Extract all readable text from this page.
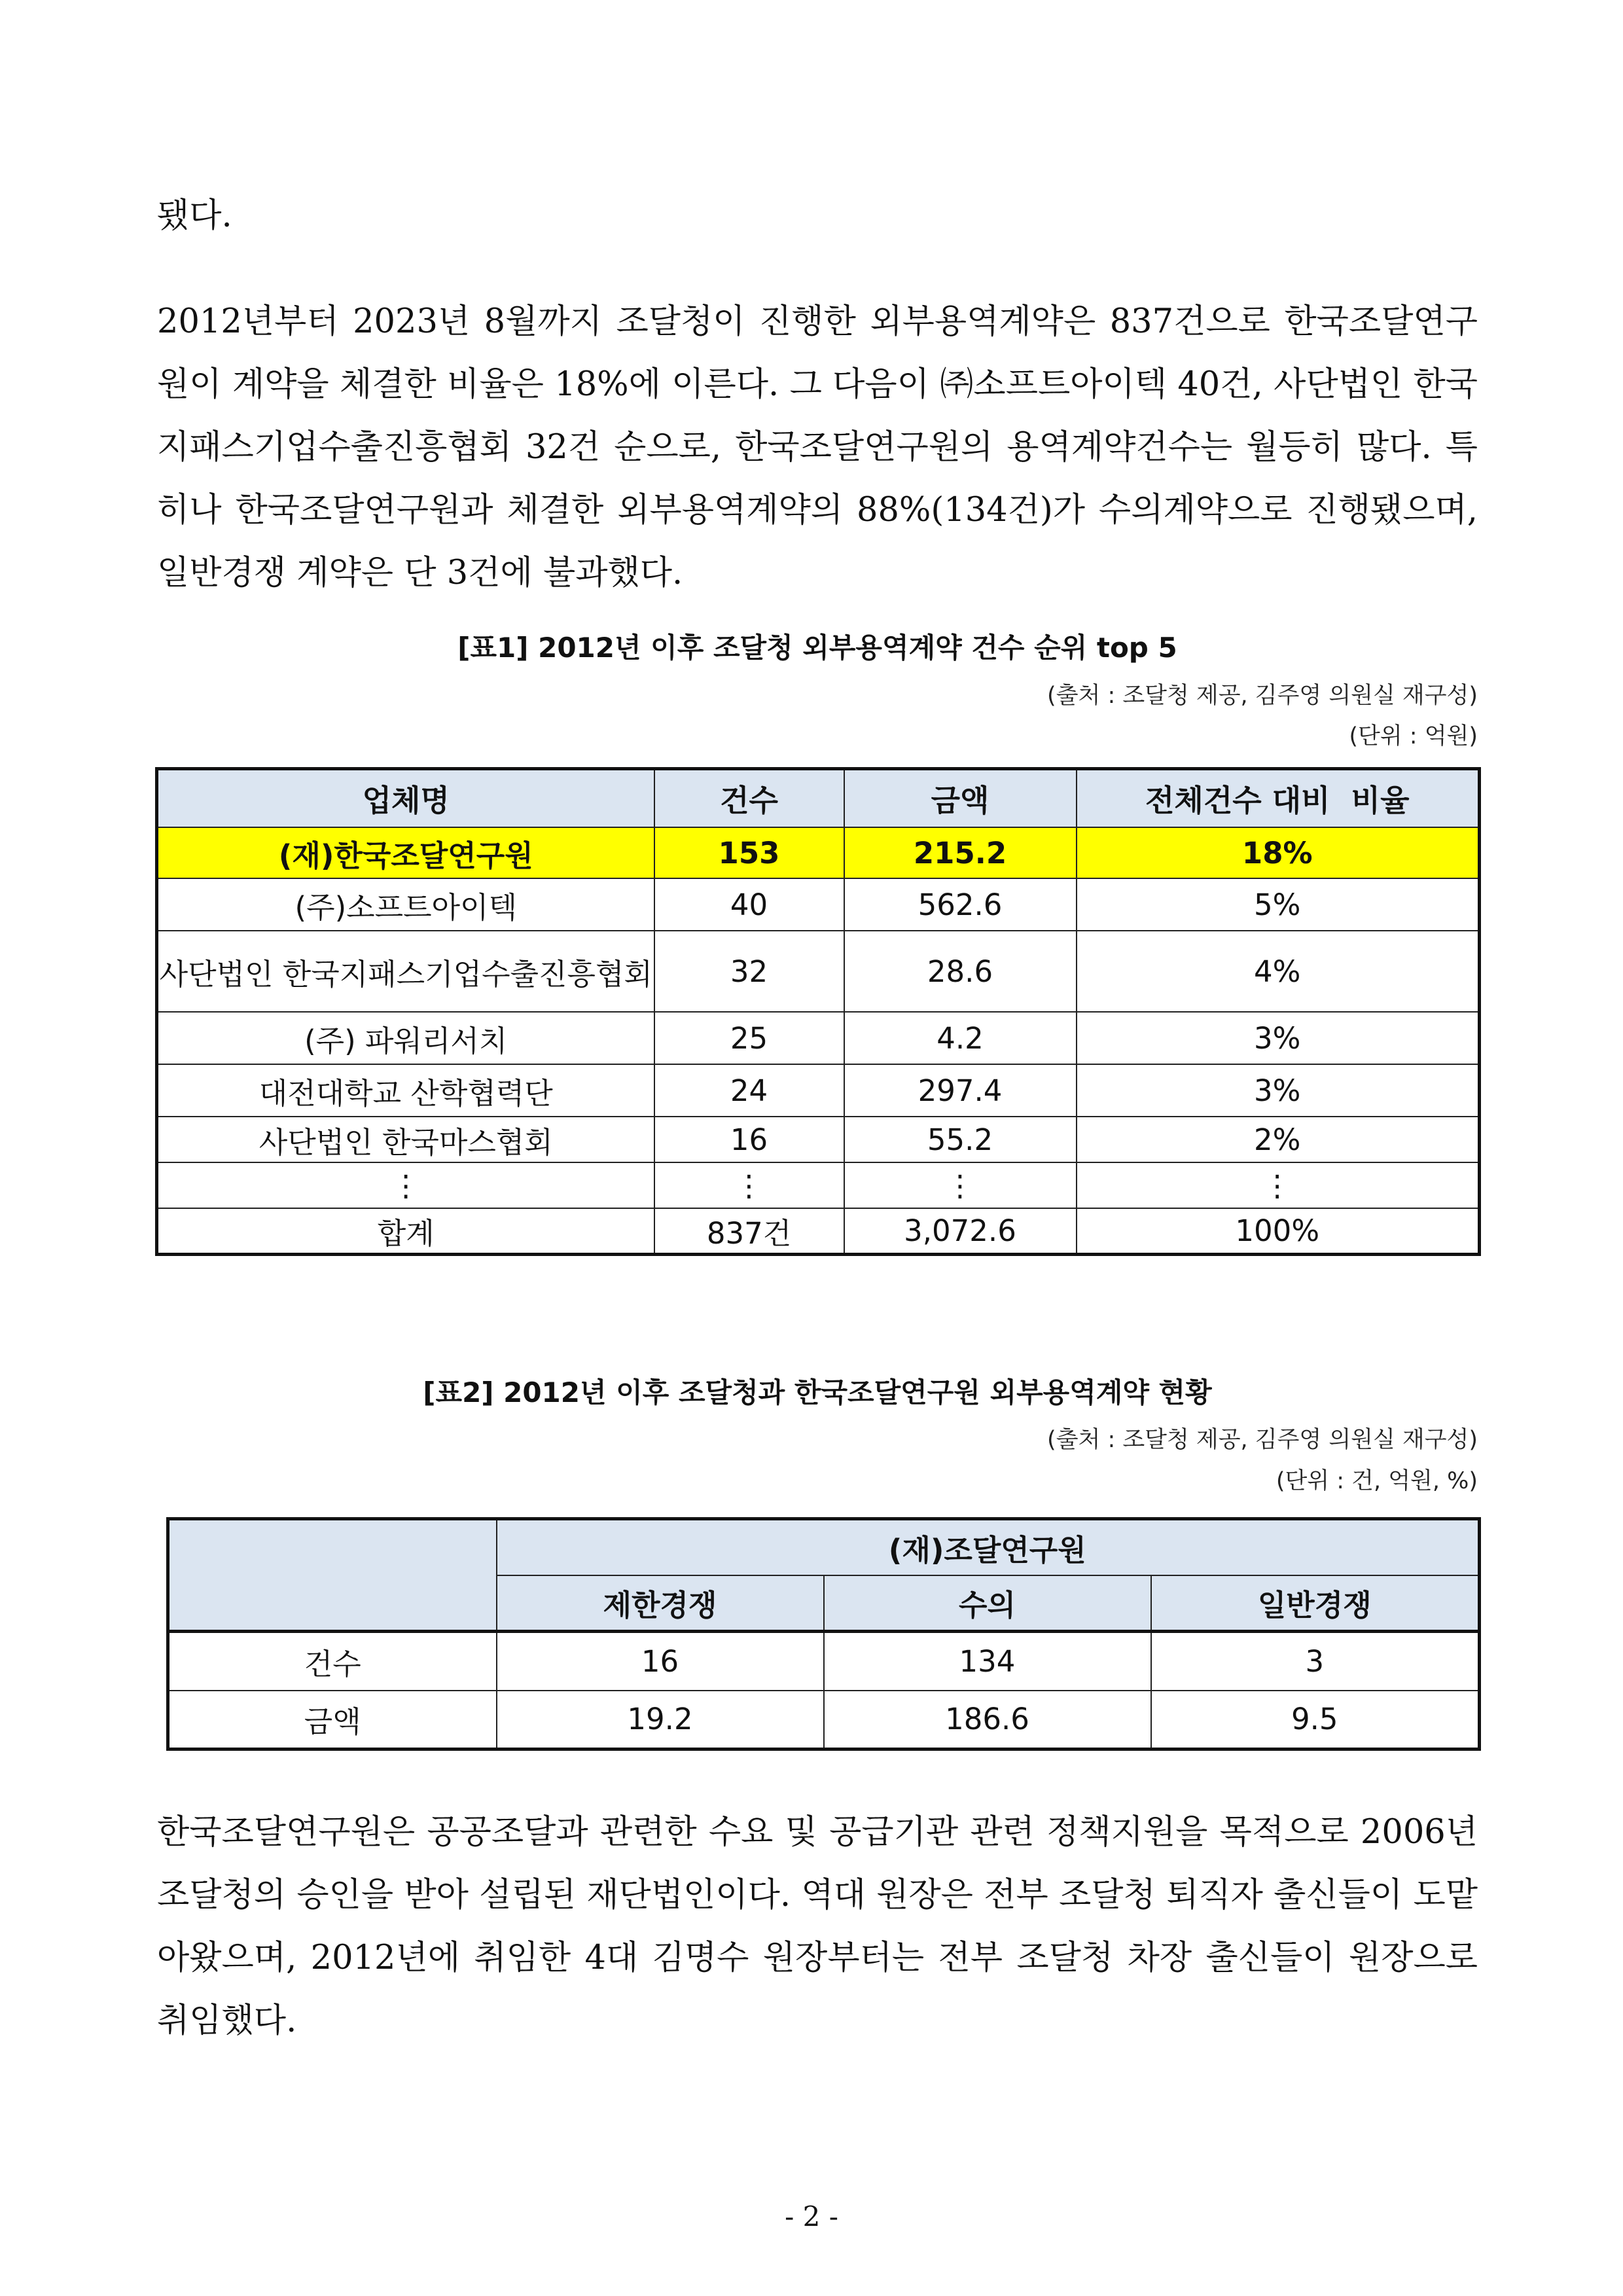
됐다.

2012년부터 2023년 8월까지 조달청이 진행한 외부용역계약은 837건으로 한국조달연구원이 계약을 체결한 비율은 18%에 이른다. 그 다음이 ㈜소프트아이텍 40건, 사단법인 한국지패스기업수출진흥협회 32건 순으로, 한국조달연구원의 용역계약건수는 월등히 많다. 특히나 한국조달연구원과 체결한 외부용역계약의 88%(134건)가 수의계약으로 진행됐으며, 일반경쟁 계약은 단 3건에 불과했다.

[표1] 2012년 이후 조달청 외부용역계약 건수 순위 top 5

(출처 : 조달청 제공, 김주영 의원실 재구성)

(단위 : 억원)

업체명	건수	금액	전체건수 대비  비율
(재)한국조달연구원	153	215.2	18%
(주)소프트아이텍	40	562.6	5%
사단법인 한국지패스기업수출진흥협회	32	28.6	4%
(주) 파워리서치	25	4.2	3%
대전대학교 산학협력단	24	297.4	3%
사단법인 한국마스협회	16	55.2	2%
⋮	⋮	⋮	⋮
합계	837건	3,072.6	100%

[표2] 2012년 이후 조달청과 한국조달연구원 외부용역계약 현황

(출처 : 조달청 제공, 김주영 의원실 재구성)

(단위 : 건, 억원, %)

	(재)조달연구원		
	제한경쟁	수의	일반경쟁
건수	16	134	3
금액	19.2	186.6	9.5

한국조달연구원은 공공조달과 관련한 수요 및 공급기관 관련 정책지원을 목적으로 2006년 조달청의 승인을 받아 설립된 재단법인이다. 역대 원장은 전부 조달청 퇴직자 출신들이 도맡아왔으며, 2012년에 취임한 4대 김명수 원장부터는 전부 조달청 차장 출신들이 원장으로 취임했다.

- 2 -
